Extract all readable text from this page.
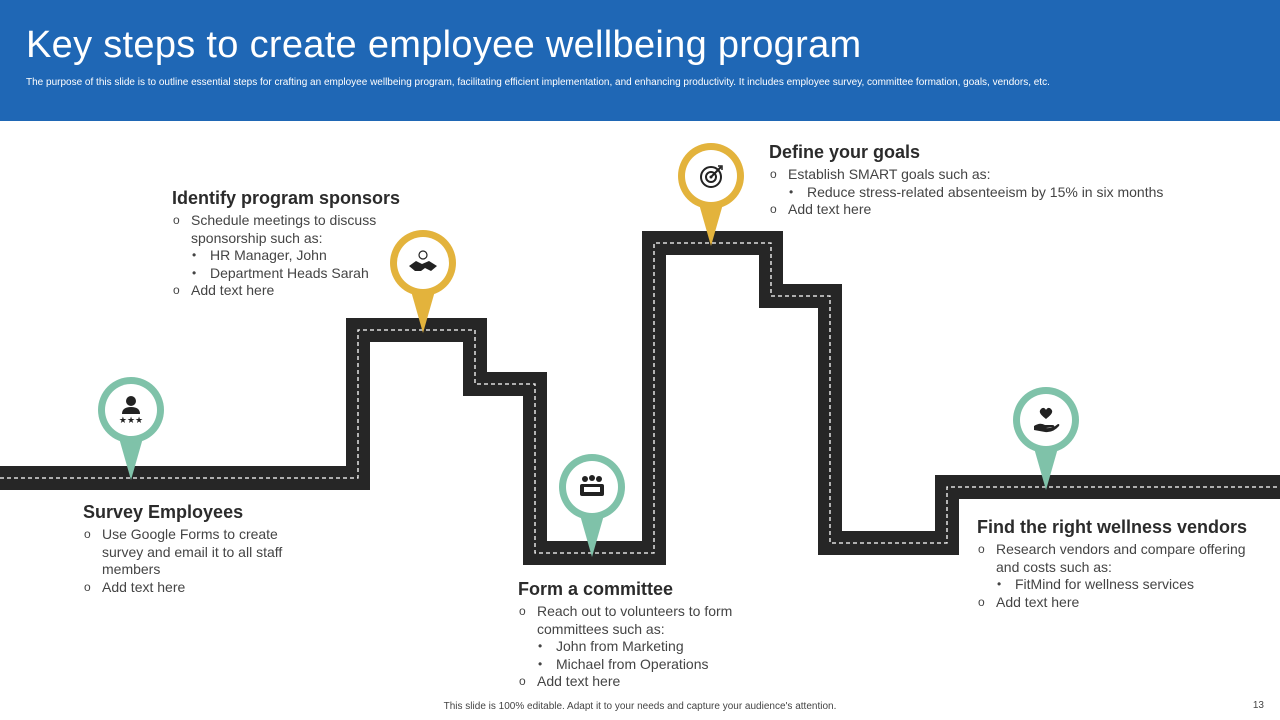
Key steps to create employee wellbeing program

The purpose of this slide is to outline essential steps for crafting an employee wellbeing program, facilitating efficient implementation, and enhancing productivity. It includes employee survey, committee formation, goals, vendors, etc.

★★★
Survey Employees
o Use Google Forms to create survey and email it to all staff members
o Add text here
Identify program sponsors
o Schedule meetings to discuss sponsorship such as:
• HR Manager, John
• Department Heads Sarah
o Add text here
Form a committee
o Reach out to volunteers to form committees such as:
• John from Marketing
• Michael from Operations
o Add text here
Define your goals
o Establish SMART goals such as:
• Reduce stress-related absenteeism by 15% in six months
o Add text here
Find the right wellness vendors
o Research vendors and compare offering and costs such as:
• FitMind for wellness services
o Add text here
This slide is 100% editable. Adapt it to your needs and capture your audience's attention.	13
